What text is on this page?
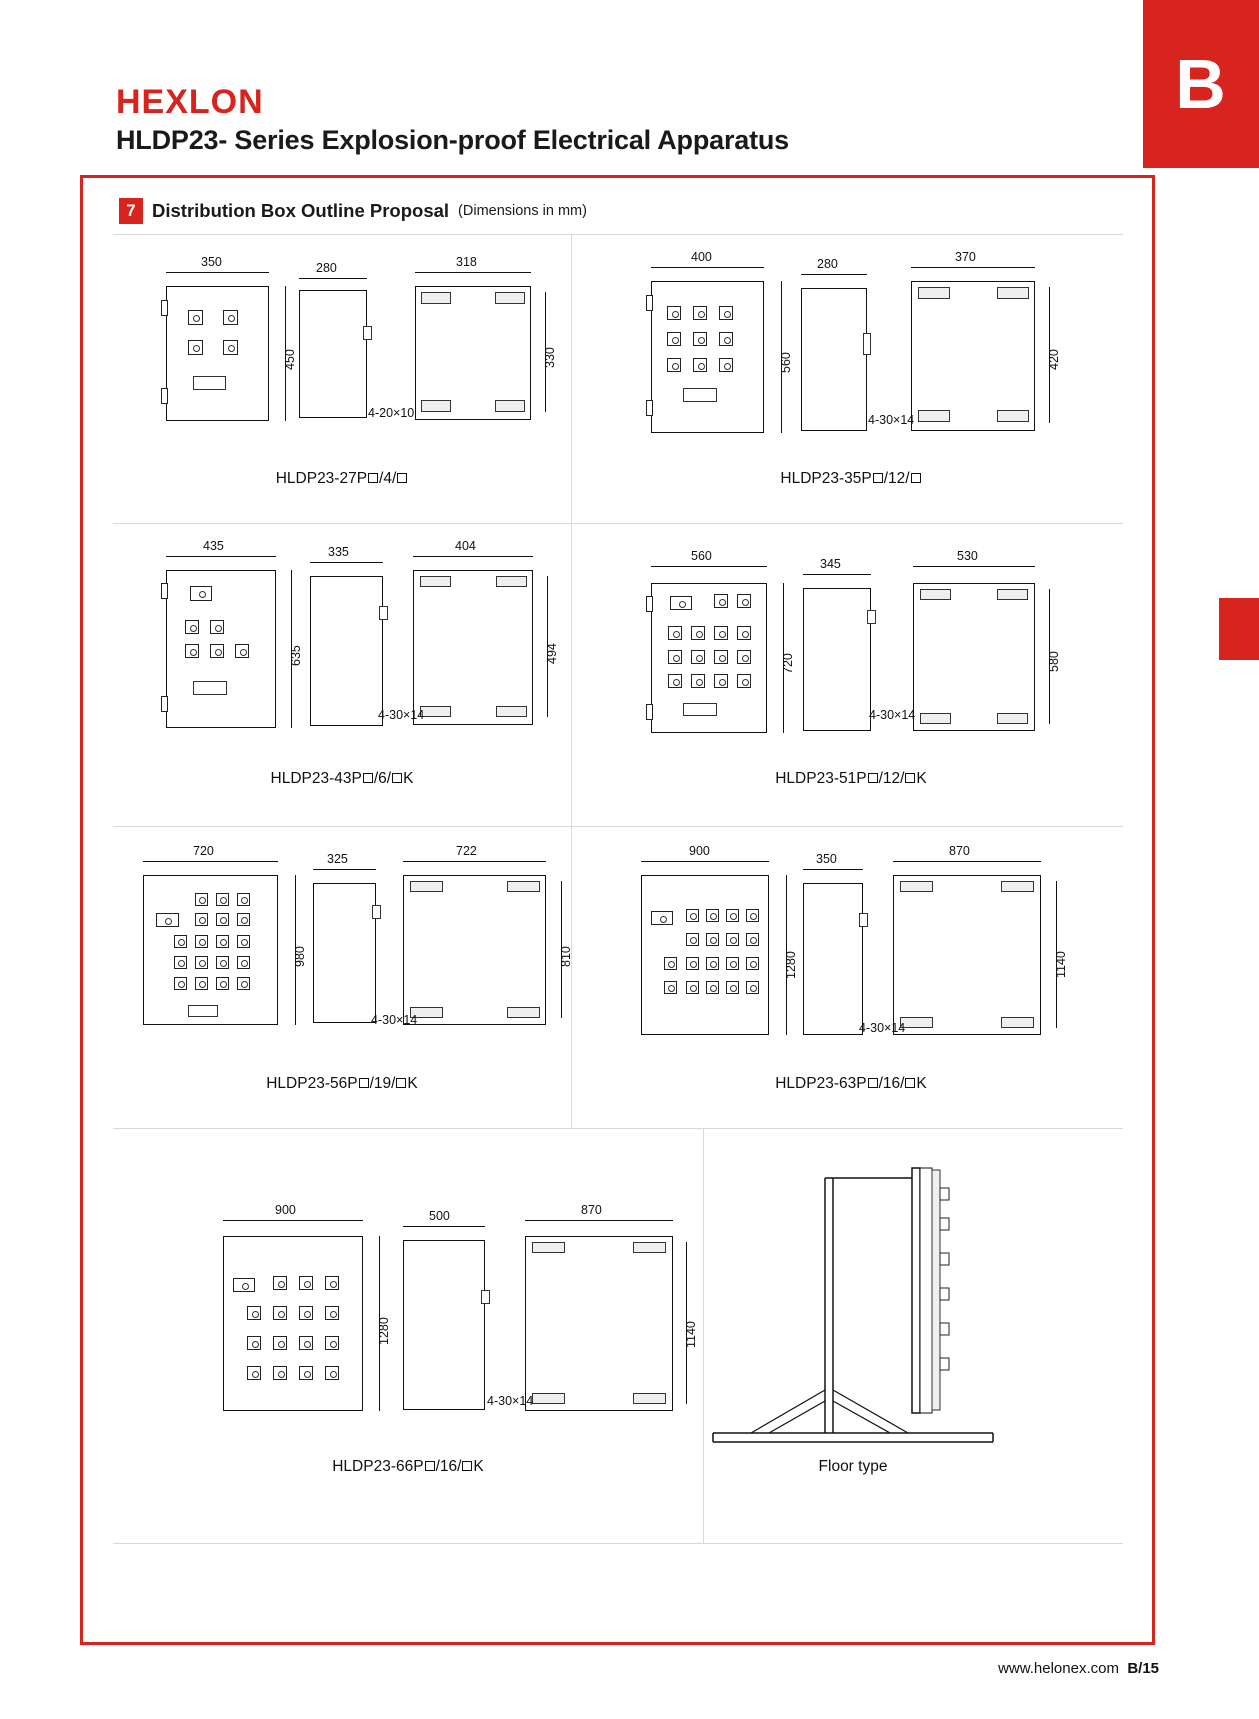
B
HEXLON
HLDP23- Series Explosion-proof Electrical Apparatus
7 Distribution Box Outline Proposal (Dimensions in mm)
350
450
280	318
330
4-20×10
HLDP23-27P /4/
400
560
280	370
420
4-30×14
HLDP23-35P /12/
435
635
335	404
494
4-30×14
HLDP23-43P /6/ K
560
720
345
530
580
4-30×14
HLDP23-51P /12/ K
720
980
325
722
810
4-30×14
HLDP23-56P /19/ K
900
1280
350
870
1140
4-30×14
HLDP23-63P /16/ K
900
1280
500	870
1140
4-30×14
HLDP23-66P /16/ K	Floor type
www.helonex.com B/15
